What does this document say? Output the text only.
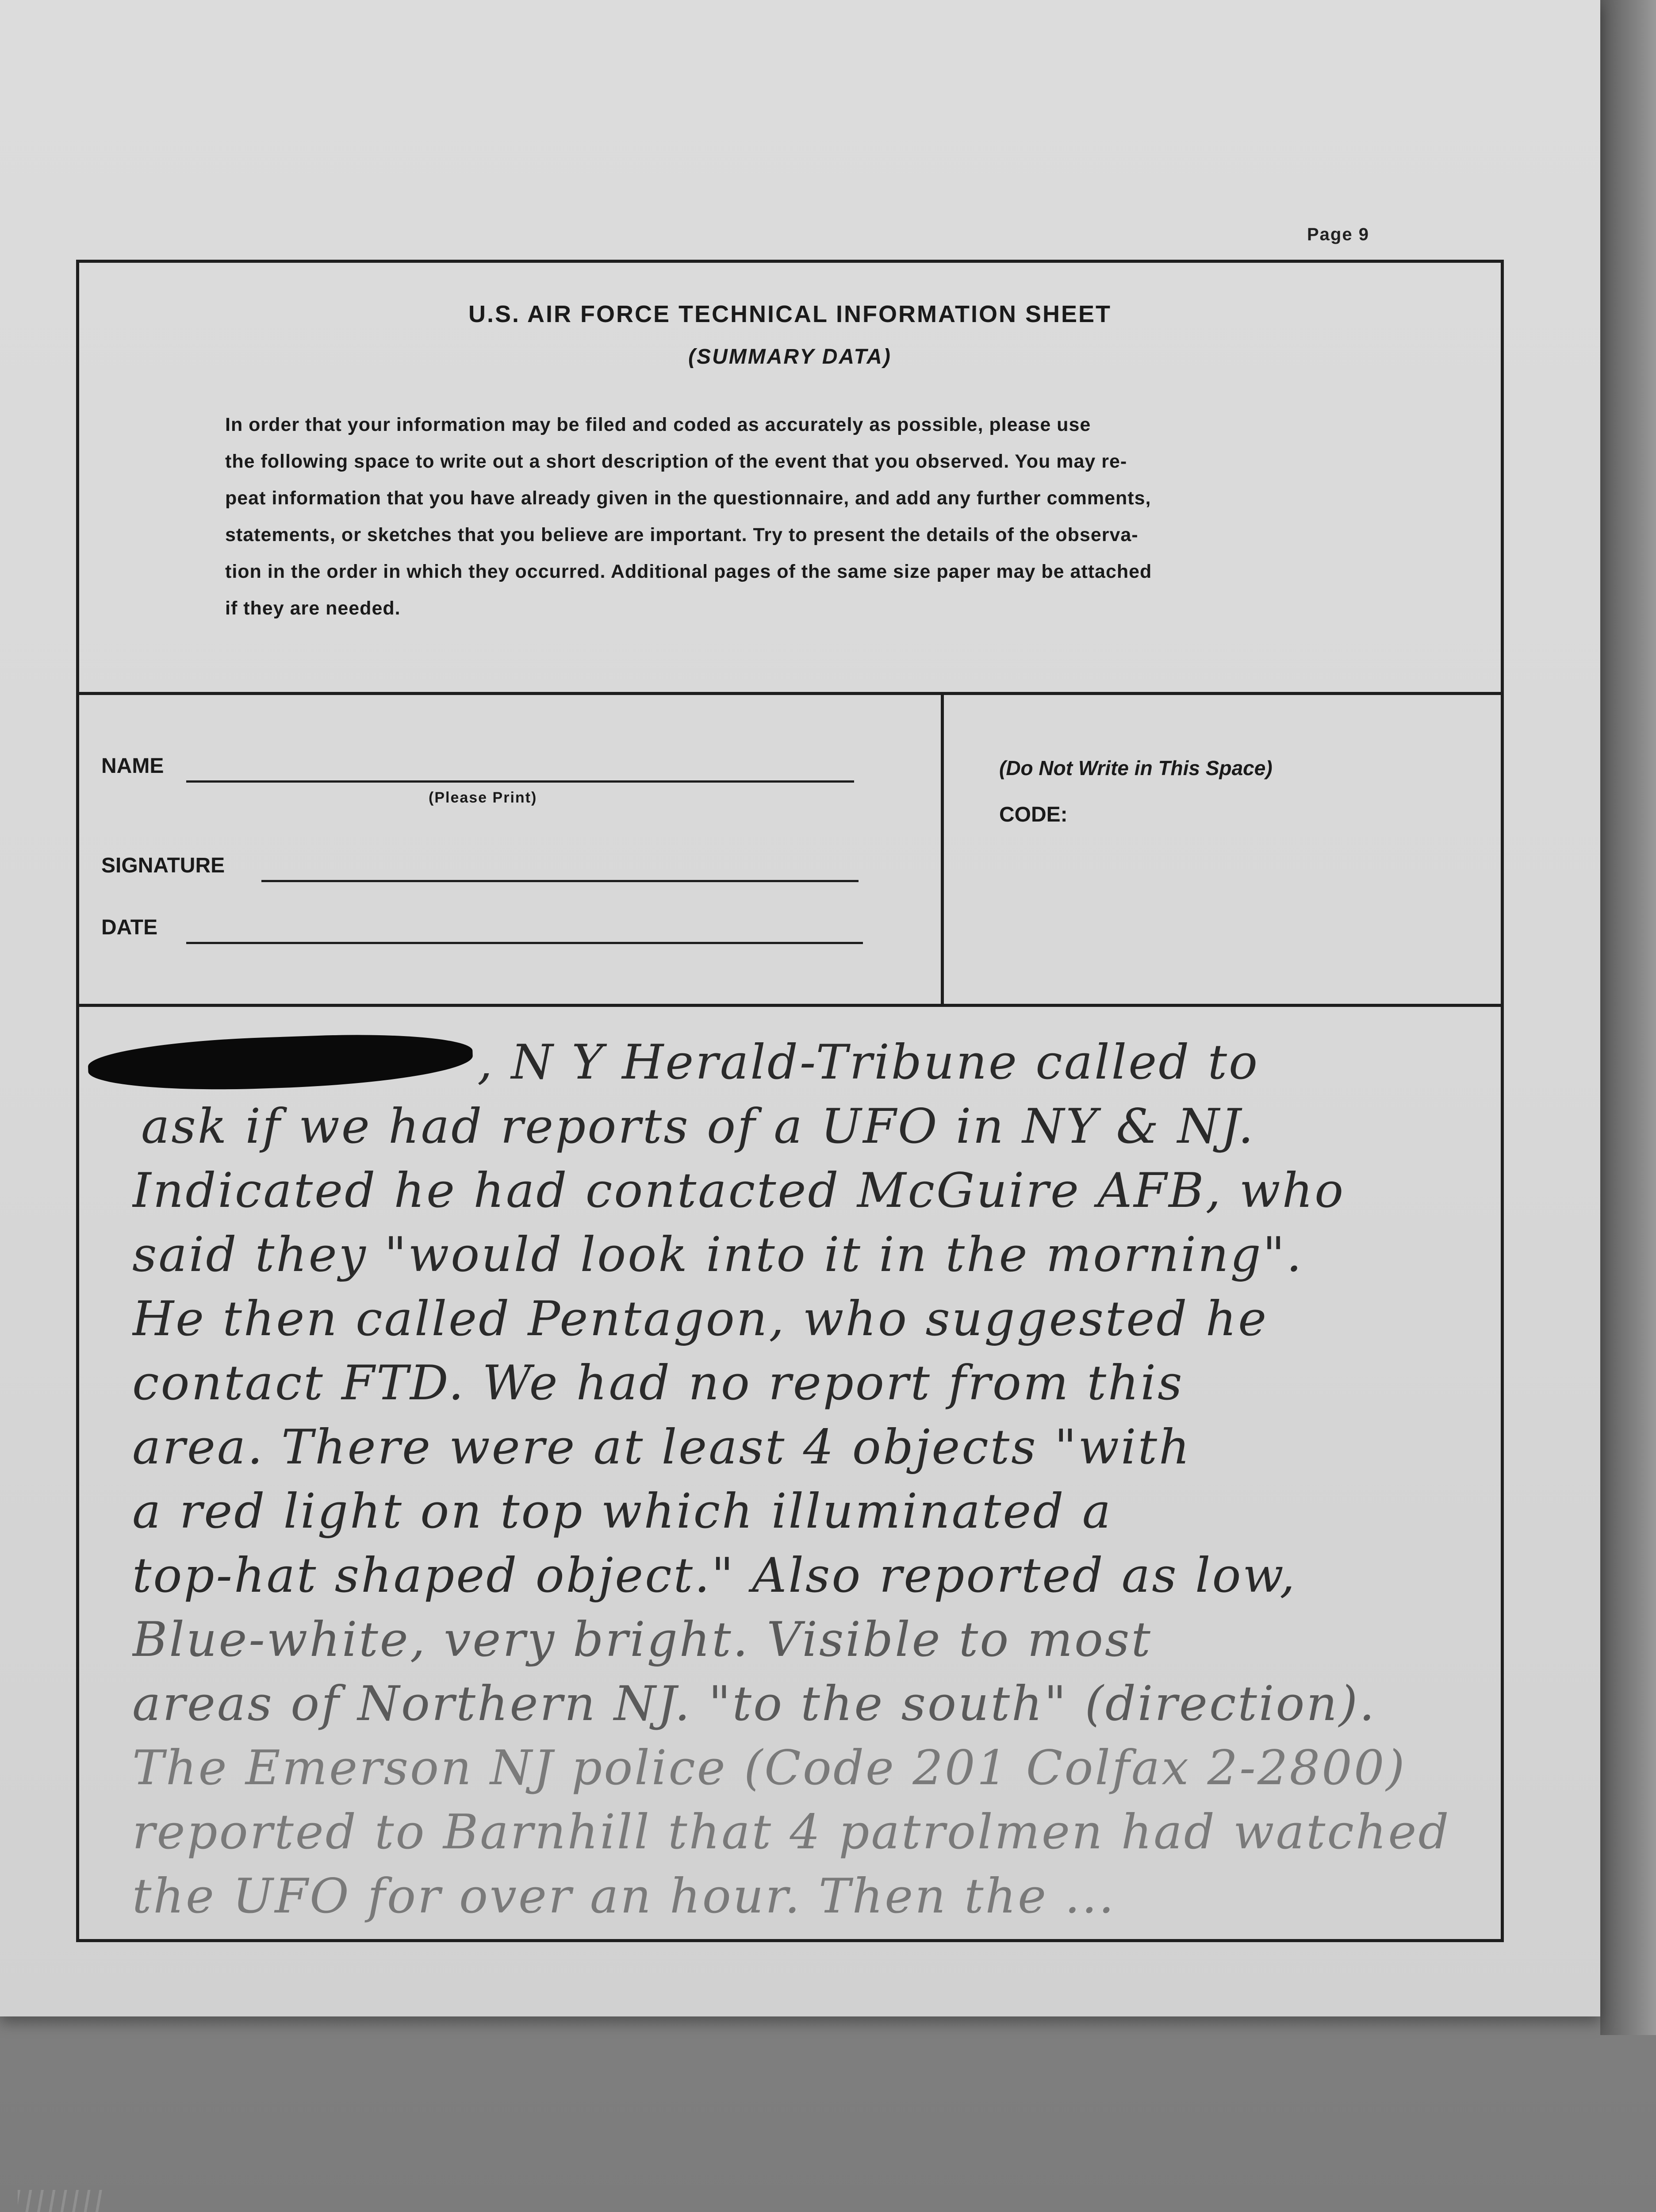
Page 9
U.S. AIR FORCE TECHNICAL INFORMATION SHEET
(SUMMARY DATA)
In order that your information may be filed and coded as accurately as possible, please use
the following space to write out a short description of the event that you observed. You may re-
peat information that you have already given in the questionnaire, and add any further comments,
statements, or sketches that you believe are important. Try to present the details of the observa-
tion in the order in which they occurred. Additional pages of the same size paper may be attached
if they are needed.
NAME
(Please Print)
SIGNATURE
DATE
(Do Not Write in This Space)
CODE:
, N Y Herald-Tribune called to
ask if we had reports of a UFO in NY & NJ.
Indicated he had contacted McGuire AFB, who
said they "would look into it in the morning".
He then called Pentagon, who suggested he
contact FTD. We had no report from this
area. There were at least 4 objects "with
a red light on top which illuminated a
top-hat shaped object." Also reported as low,
Blue-white, very bright. Visible to most
areas of Northern NJ. "to the south" (direction).
The Emerson NJ police (Code 201 Colfax 2-2800)
reported to Barnhill that 4 patrolmen had watched
the UFO for over an hour. Then the ...
